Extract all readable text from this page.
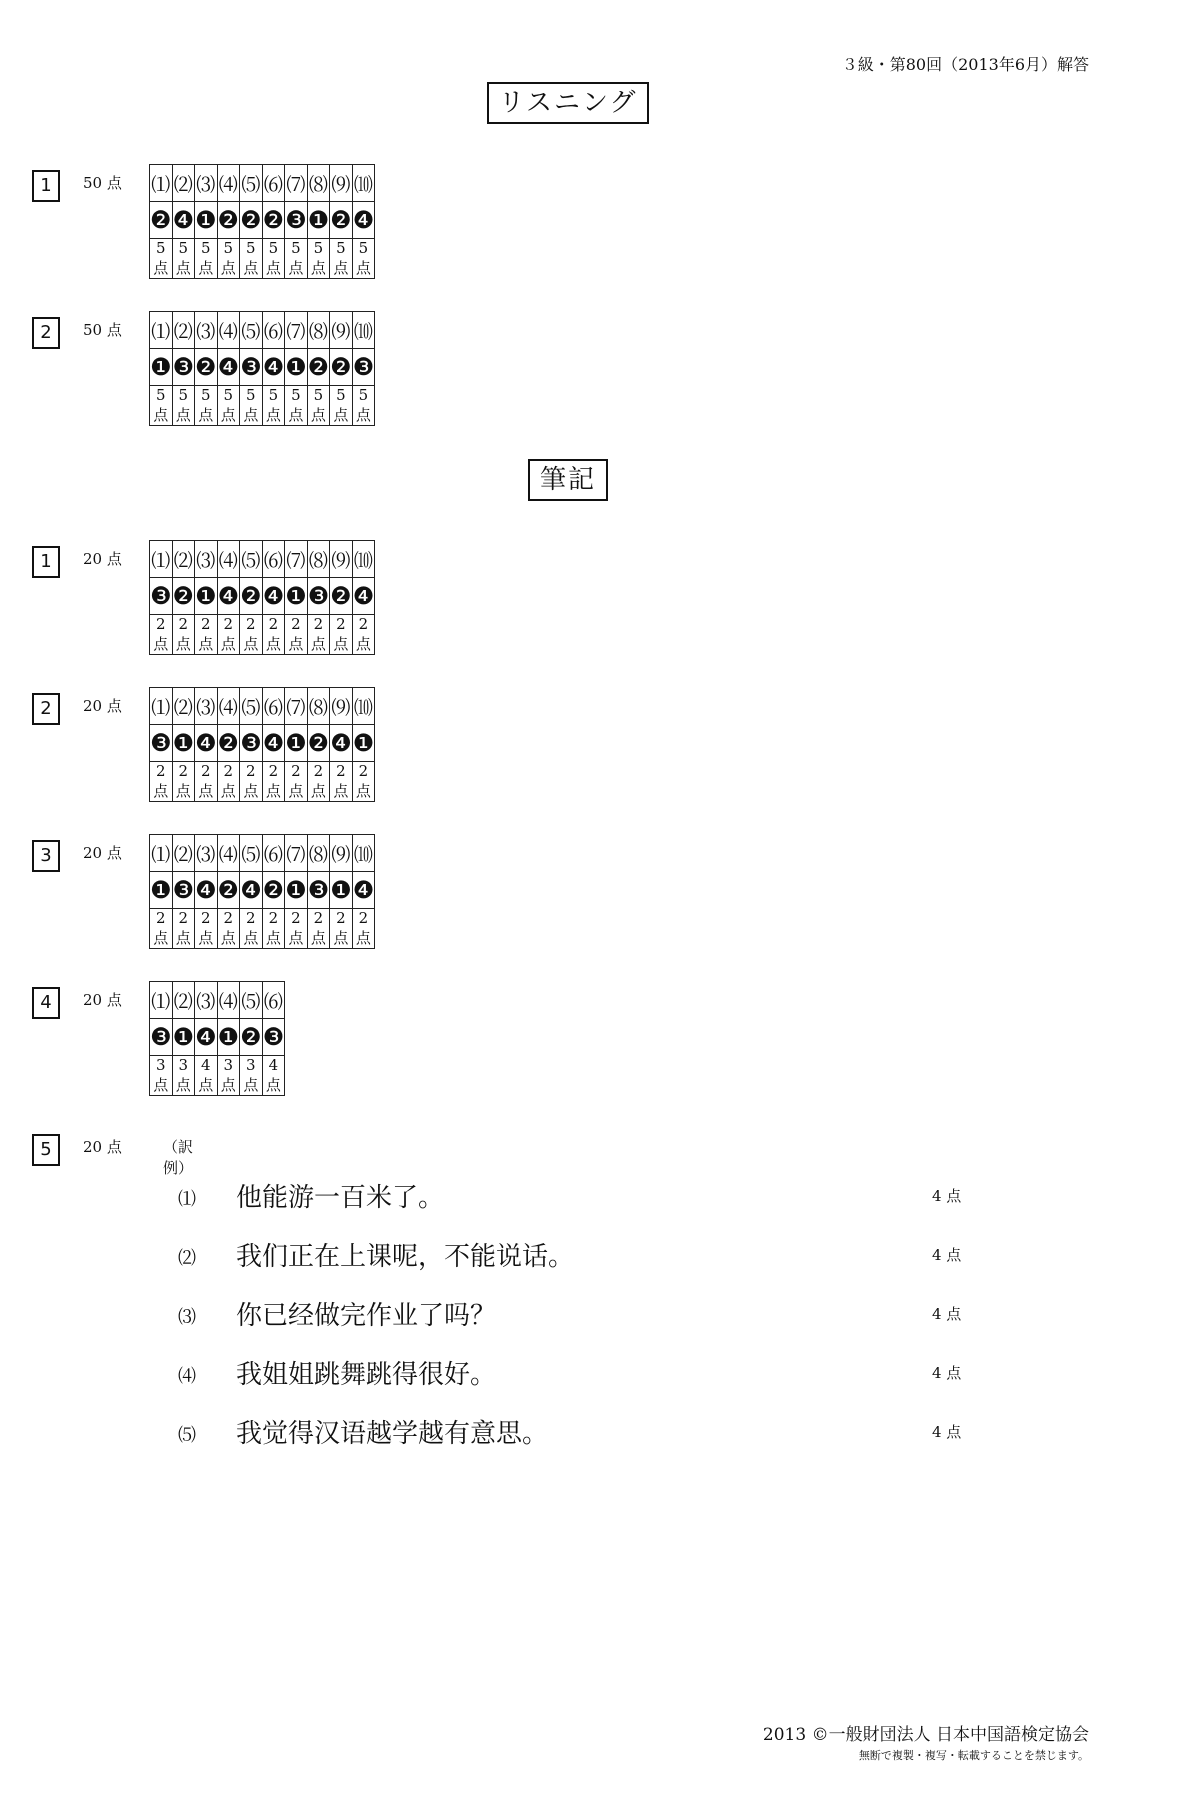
３級・第80回（2013年6月）解答
リスニング
1	50 点 ⑴	⑵	⑶	⑷	⑸	⑹	⑺	⑻	⑼	⑽
❷	❹	❶	❷	❷	❷	❸	❶	❷	❹
5 点	5 点	5 点	5 点	5 点	5 点	5 点	5 点	5 点	5 点
2	50 点 ⑴	⑵	⑶	⑷	⑸	⑹	⑺	⑻	⑼	⑽
❶	❸	❷	❹	❸	❹	❶	❷	❷	❸
5 点	5 点	5 点	5 点	5 点	5 点	5 点	5 点	5 点	5 点
筆記
1	20 点 ⑴	⑵	⑶	⑷	⑸	⑹	⑺	⑻	⑼	⑽
❸	❷	❶	❹	❷	❹	❶	❸	❷	❹
2 点	2 点	2 点	2 点	2 点	2 点	2 点	2 点	2 点	2 点
2	20 点 ⑴	⑵	⑶	⑷	⑸	⑹	⑺	⑻	⑼	⑽
❸	❶	❹	❷	❸	❹	❶	❷	❹	❶
2 点	2 点	2 点	2 点	2 点	2 点	2 点	2 点	2 点	2 点
3	20 点 ⑴	⑵	⑶	⑷	⑸	⑹	⑺	⑻	⑼	⑽
❶	❸	❹	❷	❹	❷	❶	❸	❶	❹
2 点	2 点	2 点	2 点	2 点	2 点	2 点	2 点	2 点	2 点
4	20 点 ⑴	⑵	⑶	⑷	⑸	⑹
❸	❶	❹	❶	❷	❸
3 点	3 点	4 点	3 点	3 点	4 点
5	20 点	（訳例）
⑴ 他能游一百米了。	4 点
⑵ 我们正在上课呢，不能说话。	4 点
⑶ 你已经做完作业了吗？	4 点
⑷ 我姐姐跳舞跳得很好。	4 点
⑸ 我觉得汉语越学越有意思。	4 点
2013 ©一般財団法人 日本中国語検定協会
無断で複製・複写・転載することを禁じます。
